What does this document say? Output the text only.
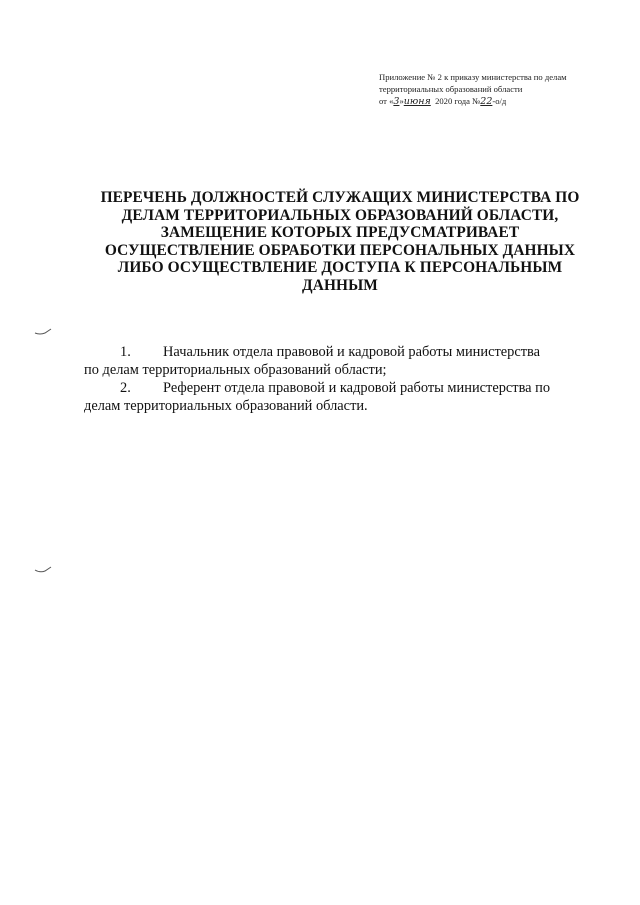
Приложение № 2 к приказу министерства по делам
территориальных образований области
от «3»июня 2020 года №22-о/д
ПЕРЕЧЕНЬ ДОЛЖНОСТЕЙ СЛУЖАЩИХ МИНИСТЕРСТВА ПО
ДЕЛАМ ТЕРРИТОРИАЛЬНЫХ ОБРАЗОВАНИЙ ОБЛАСТИ,
ЗАМЕЩЕНИЕ КОТОРЫХ ПРЕДУСМАТРИВАЕТ
ОСУЩЕСТВЛЕНИЕ ОБРАБОТКИ ПЕРСОНАЛЬНЫХ ДАННЫХ
ЛИБО ОСУЩЕСТВЛЕНИЕ ДОСТУПА К ПЕРСОНАЛЬНЫМ
ДАННЫМ
1. Начальник отдела правовой и кадровой работы министерства
по делам территориальных образований области;
2. Референт отдела правовой и кадровой работы министерства по
делам территориальных образований области.
